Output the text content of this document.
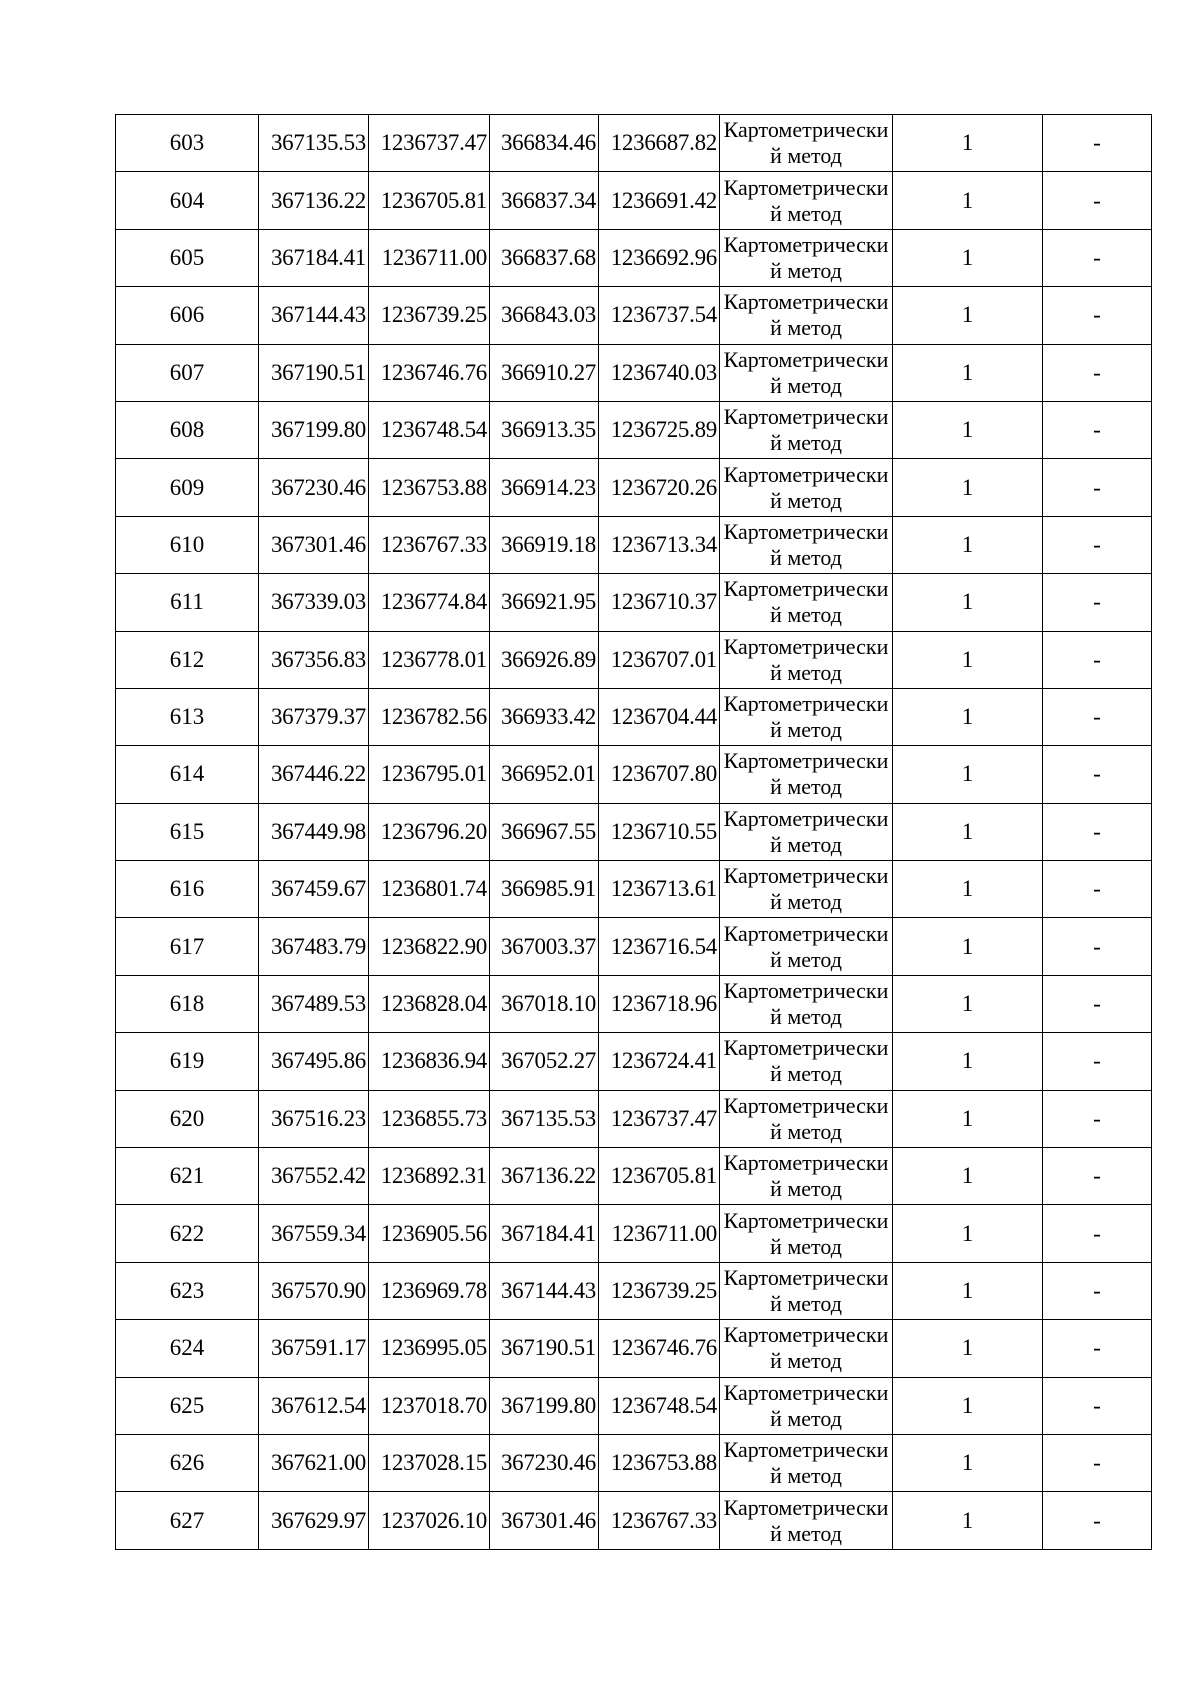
603	367135.53	1236737.47	366834.46	1236687.82	Картометрический метод	1	-
604	367136.22	1236705.81	366837.34	1236691.42	Картометрический метод	1	-
605	367184.41	1236711.00	366837.68	1236692.96	Картометрический метод	1	-
606	367144.43	1236739.25	366843.03	1236737.54	Картометрический метод	1	-
607	367190.51	1236746.76	366910.27	1236740.03	Картометрический метод	1	-
608	367199.80	1236748.54	366913.35	1236725.89	Картометрический метод	1	-
609	367230.46	1236753.88	366914.23	1236720.26	Картометрический метод	1	-
610	367301.46	1236767.33	366919.18	1236713.34	Картометрический метод	1	-
611	367339.03	1236774.84	366921.95	1236710.37	Картометрический метод	1	-
612	367356.83	1236778.01	366926.89	1236707.01	Картометрический метод	1	-
613	367379.37	1236782.56	366933.42	1236704.44	Картометрический метод	1	-
614	367446.22	1236795.01	366952.01	1236707.80	Картометрический метод	1	-
615	367449.98	1236796.20	366967.55	1236710.55	Картометрический метод	1	-
616	367459.67	1236801.74	366985.91	1236713.61	Картометрический метод	1	-
617	367483.79	1236822.90	367003.37	1236716.54	Картометрический метод	1	-
618	367489.53	1236828.04	367018.10	1236718.96	Картометрический метод	1	-
619	367495.86	1236836.94	367052.27	1236724.41	Картометрический метод	1	-
620	367516.23	1236855.73	367135.53	1236737.47	Картометрический метод	1	-
621	367552.42	1236892.31	367136.22	1236705.81	Картометрический метод	1	-
622	367559.34	1236905.56	367184.41	1236711.00	Картометрический метод	1	-
623	367570.90	1236969.78	367144.43	1236739.25	Картометрический метод	1	-
624	367591.17	1236995.05	367190.51	1236746.76	Картометрический метод	1	-
625	367612.54	1237018.70	367199.80	1236748.54	Картометрический метод	1	-
626	367621.00	1237028.15	367230.46	1236753.88	Картометрический метод	1	-
627	367629.97	1237026.10	367301.46	1236767.33	Картометрический метод	1	-
